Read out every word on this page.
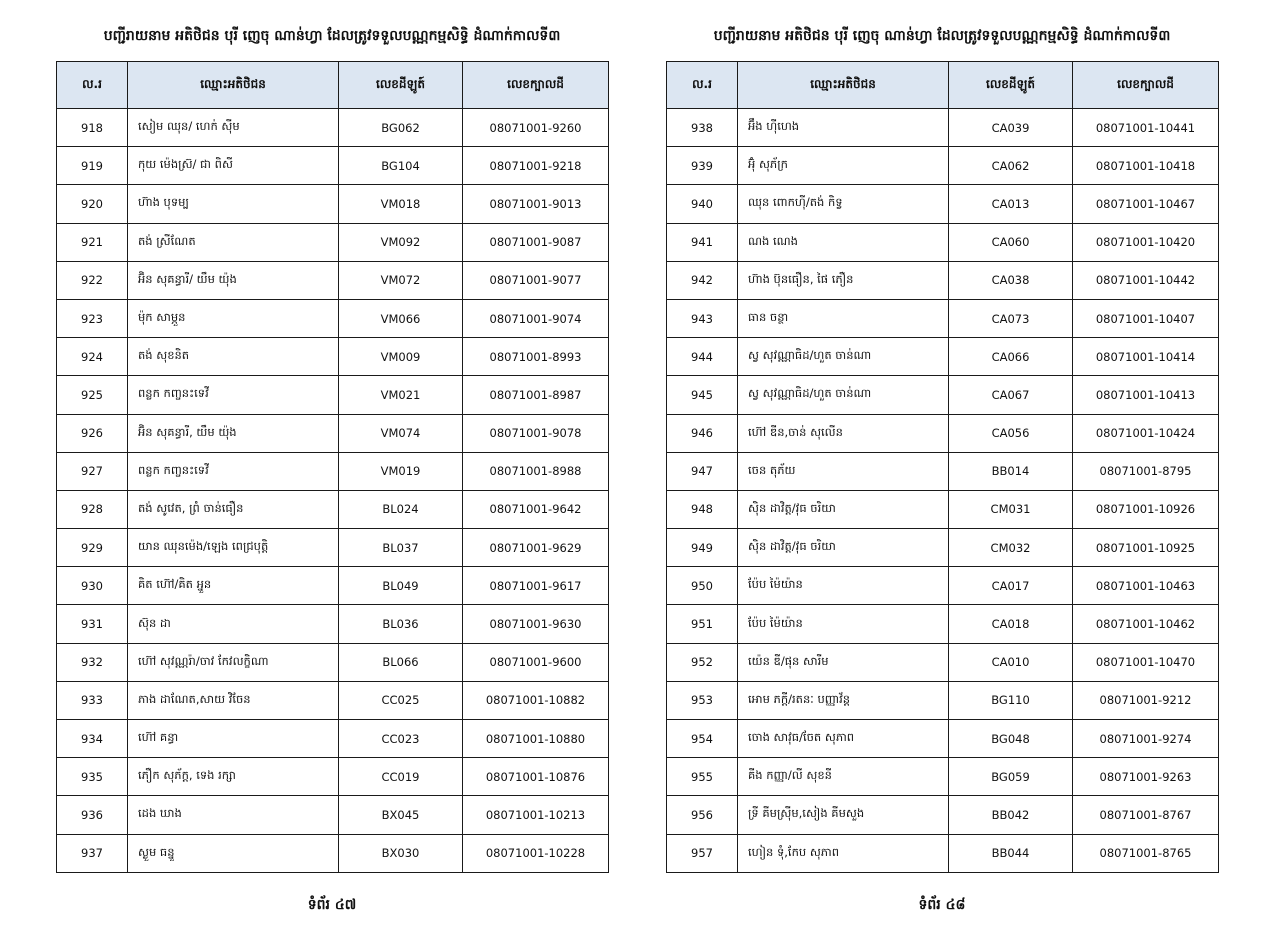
បញ្ជីរាយនាម អតិថិជន បុរី ញេចុ ណាន់ហ្វា ដែលត្រូវទទួលបណ្ណកម្មសិទ្ធិ ដំណាក់កាលទី៣
ល.រ	ឈ្មោះអតិថិជន	លេខដីឡូត៍	លេខក្បាលដី
918	សៀម ឈុន/ ហេក់ ស៊ីម	BG062	08071001-9260
919	កុយ ម៉េងស្រ៊/ ជា ពិសី	BG104	08071001-9218
920	ហ៊ាង បុទម្ប	VM018	08071001-9013
921	តង់ ស្រីណែត	VM092	08071001-9087
922	អ៊ិន សុគន្ធារី/ យឹម យ៉ុង	VM072	08071001-9077
923	ម៉ុក សាម្ភួន	VM066	08071001-9074
924	តង់ សុខនិត	VM009	08071001-8993
925	ពន្លក កញ្ចនះទេវី	VM021	08071001-8987
926	អ៊ិន សុគន្ធារី, យឹម យ៉ុង	VM074	08071001-9078
927	ពន្លក កញ្ចនះទេវី	VM019	08071001-8988
928	តង់ សូវេត, ព្រំ ចាន់ធឿន	BL024	08071001-9642
929	យាន ឈុនម៉េង/ឡេង ពេជ្របុត្តិ	BL037	08071001-9629
930	គិត ហ៊ៅ/គិត អ្នួន	BL049	08071001-9617
931	ស៊ុន ដា	BL036	08071001-9630
932	ហ៊ៅ សុវណ្ណរ៉ា/ចាវ កែវលក្ខិណា	BL066	08071001-9600
933	ភាង ដាណែត,សាយ វិចែន	CC025	08071001-10882
934	ហ៊ៅ គន្ធា	CC023	08071001-10880
935	ភឿក សុភ័ក្ត, ទេង រក្សា	CC019	08071001-10876
936	ដេង ឃាង	BX045	08071001-10213
937	ស្ងួម ធន្នួ	BX030	08071001-10228
ទំព័រ ៤៧
បញ្ជីរាយនាម អតិថិជន បុរី ញេចុ ណាន់ហ្វា ដែលត្រូវទទួលបណ្ណកម្មសិទ្ធិ ដំណាក់កាលទី៣
ល.រ	ឈ្មោះអតិថិជន	លេខដីឡូត៍	លេខក្បាលដី
938	អ៊ឹង ហ៊ីហេង	CA039	08071001-10441
939	អ៊ុំ សុភ័ក្រ	CA062	08071001-10418
940	ឈុន ពោកហ៊ី/តង់ កិទ្វ	CA013	08071001-10467
941	ណង ណេង	CA060	08071001-10420
942	ហ៊ាង ប៊ុនធឿន, ផៃ ភឿន	CA038	08071001-10442
943	ធាន ចន្ថា	CA073	08071001-10407
944	ស្វ សុវណ្ណាធិដ/ហួត ចាន់ណា	CA066	08071001-10414
945	ស្វ សុវណ្ណាធិដ/ហួត ចាន់ណា	CA067	08071001-10413
946	ហ៊ៅ ឌីន,ចាន់ សុលើន	CA056	08071001-10424
947	ចេន តុភ័យ	BB014	08071001-8795
948	ស៊ិន ដាវិត្ត/វុធ ចរិយា	CM031	08071001-10926
949	ស៊ិន ដាវិត្ត/វុធ ចរិយា	CM032	08071001-10925
950	ប៉ែប ម៉ៃយ៉ាន	CA017	08071001-10463
951	ប៉ែប ម៉ៃយ៉ាន	CA018	08071001-10462
952	យ៉េន ឌី/ផុន សារីម	CA010	08071001-10470
953	អោម ភក្ដី/រតនៈ បញ្ញាវ័ន្ត	BG110	08071001-9212
954	ចោង សាវុធ/ចែត សុភាព	BG048	08071001-9274
955	គីង កញ្ញា/លី សុខនី	BG059	08071001-9263
956	ទ្រី គីមស្រ៊ីម,សៀង គីមសួង	BB042	08071001-8767
957	ហៀន ទុំ,កែប សុភាព	BB044	08071001-8765
ទំព័រ ៤៨
